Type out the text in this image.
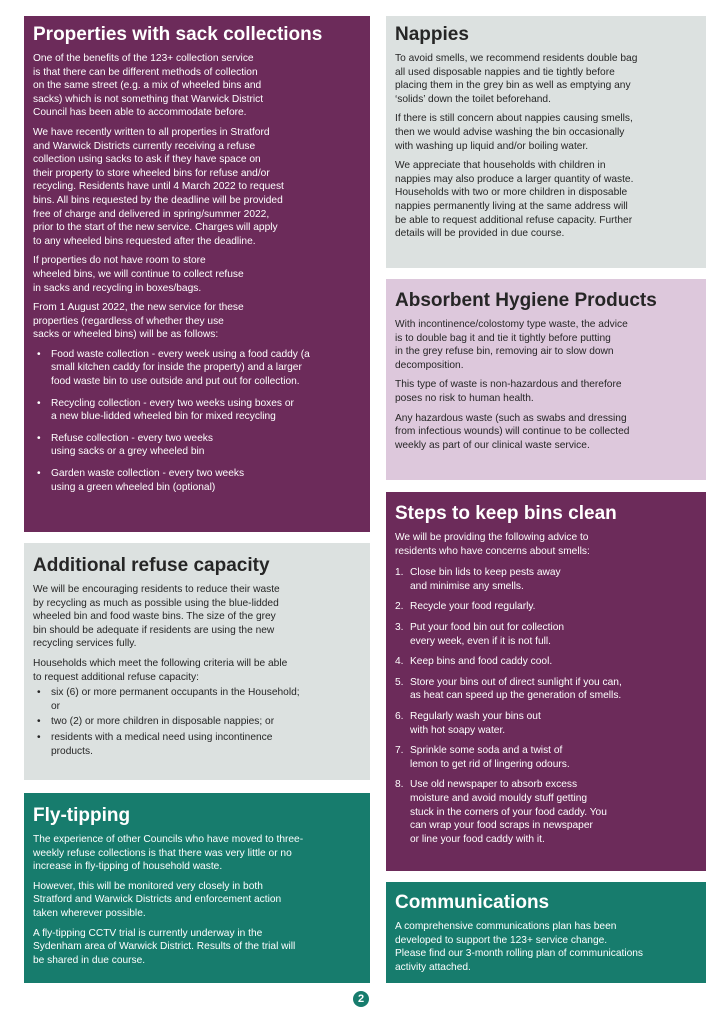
Properties with sack collections

One of the benefits of the 123+ collection service
is that there can be different methods of collection
on the same street (e.g. a mix of wheeled bins and
sacks) which is not something that Warwick District
Council has been able to accommodate before.

We have recently written to all properties in Stratford
and Warwick Districts currently receiving a refuse
collection using sacks to ask if they have space on
their property to store wheeled bins for refuse and/or
recycling. Residents have until 4 March 2022 to request
bins. All bins requested by the deadline will be provided
free of charge and delivered in spring/summer 2022,
prior to the start of the new service. Charges will apply
to any wheeled bins requested after the deadline.

If properties do not have room to store
wheeled bins, we will continue to collect refuse
in sacks and recycling in boxes/bags.

From 1 August 2022, the new service for these
properties (regardless of whether they use
sacks or wheeled bins) will be as follows:

• Food waste collection - every week using a food caddy (a
small kitchen caddy for inside the property) and a larger
food waste bin to use outside and put out for collection.
• Recycling collection - every two weeks using boxes or
a new blue-lidded wheeled bin for mixed recycling
• Refuse collection - every two weeks
using sacks or a grey wheeled bin
• Garden waste collection - every two weeks
using a green wheeled bin (optional)
Additional refuse capacity

We will be encouraging residents to reduce their waste
by recycling as much as possible using the blue-lidded
wheeled bin and food waste bins. The size of the grey
bin should be adequate if residents are using the new
recycling services fully.

Households which meet the following criteria will be able
to request additional refuse capacity:

• six (6) or more permanent occupants in the Household;
or
• two (2) or more children in disposable nappies; or
• residents with a medical need using incontinence
products.
Fly-tipping

The experience of other Councils who have moved to three-
weekly refuse collections is that there was very little or no
increase in fly-tipping of household waste.

However, this will be monitored very closely in both
Stratford and Warwick Districts and enforcement action
taken wherever possible.

A fly-tipping CCTV trial is currently underway in the
Sydenham area of Warwick District. Results of the trial will
be shared in due course.

Nappies

To avoid smells, we recommend residents double bag
all used disposable nappies and tie tightly before
placing them in the grey bin as well as emptying any
‘solids’ down the toilet beforehand.

If there is still concern about nappies causing smells,
then we would advise washing the bin occasionally
with washing up liquid and/or boiling water.

We appreciate that households with children in
nappies may also produce a larger quantity of waste.
Households with two or more children in disposable
nappies permanently living at the same address will
be able to request additional refuse capacity. Further
details will be provided in due course.

Absorbent Hygiene Products

With incontinence/colostomy type waste, the advice
is to double bag it and tie it tightly before putting
in the grey refuse bin, removing air to slow down
decomposition.

This type of waste is non-hazardous and therefore
poses no risk to human health.

Any hazardous waste (such as swabs and dressing
from infectious wounds) will continue to be collected
weekly as part of our clinical waste service.

Steps to keep bins clean

We will be providing the following advice to
residents who have concerns about smells:

1. Close bin lids to keep pests away
and minimise any smells.
2. Recycle your food regularly.
3. Put your food bin out for collection
every week, even if it is not full.
4. Keep bins and food caddy cool.
5. Store your bins out of direct sunlight if you can,
as heat can speed up the generation of smells.
6. Regularly wash your bins out
with hot soapy water.
7. Sprinkle some soda and a twist of
lemon to get rid of lingering odours.
8. Use old newspaper to absorb excess
moisture and avoid mouldy stuff getting
stuck in the corners of your food caddy. You
can wrap your food scraps in newspaper
or line your food caddy with it.
Communications

A comprehensive communications plan has been
developed to support the 123+ service change.
Please find our 3-month rolling plan of communications
activity attached.

2
